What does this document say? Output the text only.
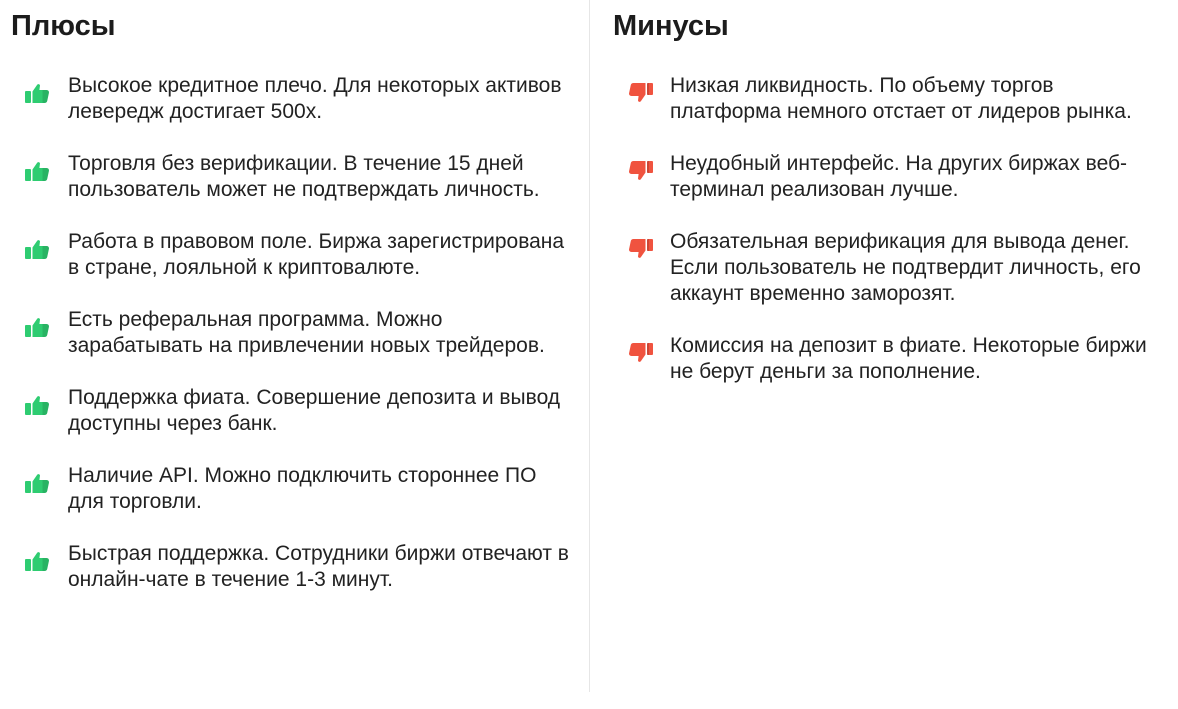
Плюсы
Высокое кредитное плечо. Для некоторых активов левередж достигает 500х.
Торговля без верификации. В течение 15 дней пользователь может не подтверждать личность.
Работа в правовом поле. Биржа зарегистрирована в стране, лояльной к криптовалюте.
Есть реферальная программа. Можно зарабатывать на привлечении новых трейдеров.
Поддержка фиата. Совершение депозита и вывод доступны через банк.
Наличие API. Можно подключить стороннее ПО для торговли.
Быстрая поддержка. Сотрудники биржи отвечают в онлайн-чате в течение 1-3 минут.
Минусы
Низкая ликвидность. По объему торгов платформа немного отстает от лидеров рынка.
Неудобный интерфейс. На других биржах веб-терминал реализован лучше.
Обязательная верификация для вывода денег. Если пользователь не подтвердит личность, его аккаунт временно заморозят.
Комиссия на депозит в фиате. Некоторые биржи не берут деньги за пополнение.
